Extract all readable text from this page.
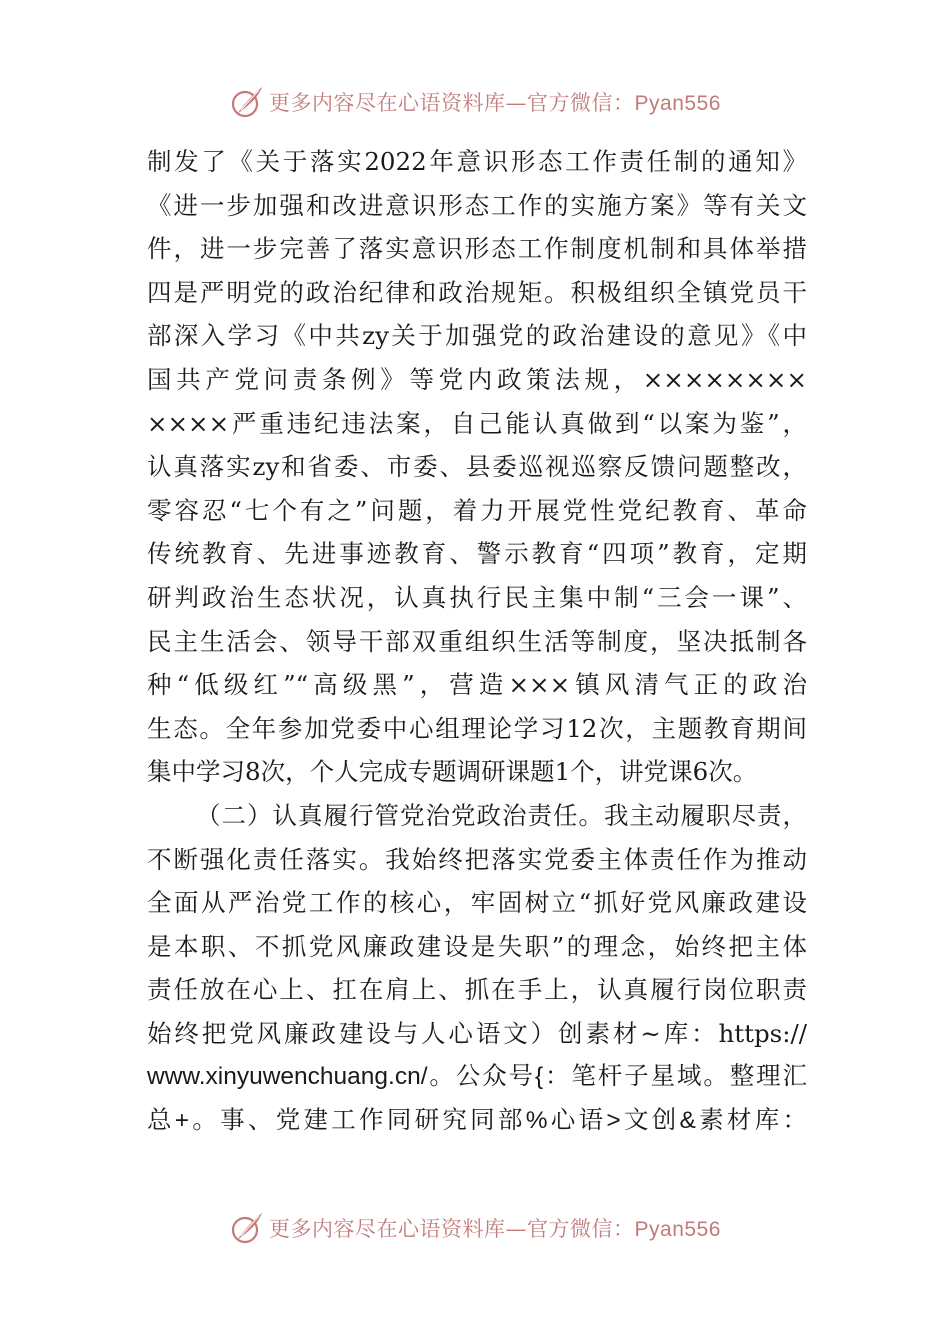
更多内容尽在心语资料库—官方微信：Pyan556
制发了《关于落实2022年意识形态工作责任制的通知》
《进一步加强和改进意识形态工作的实施方案》等有关文
件，进一步完善了落实意识形态工作制度机制和具体举措
四是严明党的政治纪律和政治规矩。积极组织全镇党员干
部深入学习《中共zy关于加强党的政治建设的意见》《中
国共产党问责条例》等党内政策法规，××××××××
××××严重违纪违法案，自己能认真做到“以案为鉴”，
认真落实zy和省委、市委、县委巡视巡察反馈问题整改，
零容忍“七个有之”问题，着力开展党性党纪教育、革命
传统教育、先进事迹教育、警示教育“四项”教育，定期
研判政治生态状况，认真执行民主集中制“三会一课”、
民主生活会、领导干部双重组织生活等制度，坚决抵制各
种“低级红”“高级黑”，营造×××镇风清气正的政治
生态。全年参加党委中心组理论学习12次，主题教育期间
集中学习8次，个人完成专题调研课题1个，讲党课6次。
（二）认真履行管党治党政治责任。我主动履职尽责，
不断强化责任落实。我始终把落实党委主体责任作为推动
全面从严治党工作的核心，牢固树立“抓好党风廉政建设
是本职、不抓党风廉政建设是失职”的理念，始终把主体
责任放在心上、扛在肩上、抓在手上，认真履行岗位职责
始终把党风廉政建设与人心语文）创素材~库：https://
www.xinyuwenchuang.cn/。公众号{：笔杆子星域。整理汇
总+。事、党建工作同研究同部%心语>文创&素材库：
更多内容尽在心语资料库—官方微信：Pyan556
